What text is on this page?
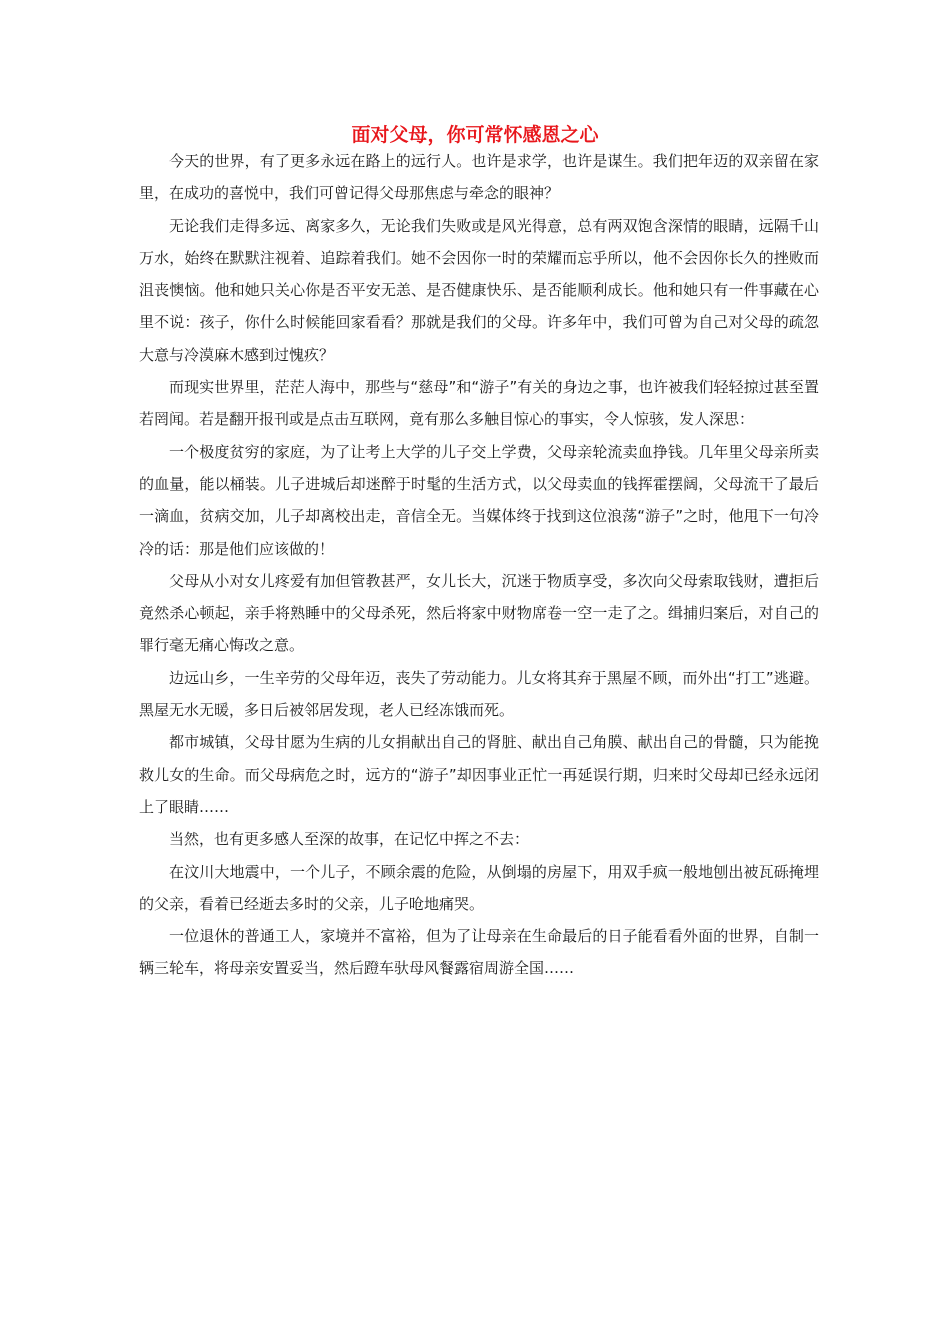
面对父母，你可常怀感恩之心

今天的世界，有了更多永远在路上的远行人。也许是求学，也许是谋生。我们把年迈的双亲留在家里，在成功的喜悦中，我们可曾记得父母那焦虑与牵念的眼神？

无论我们走得多远、离家多久，无论我们失败或是风光得意，总有两双饱含深情的眼睛，远隔千山万水，始终在默默注视着、追踪着我们。她不会因你一时的荣耀而忘乎所以，他不会因你长久的挫败而沮丧懊恼。他和她只关心你是否平安无恙、是否健康快乐、是否能顺利成长。他和她只有一件事藏在心里不说：孩子，你什么时候能回家看看？那就是我们的父母。许多年中，我们可曾为自己对父母的疏忽大意与冷漠麻木感到过愧疚？

而现实世界里，茫茫人海中，那些与“慈母”和“游子”有关的身边之事，也许被我们轻轻掠过甚至置若罔闻。若是翻开报刊或是点击互联网，竟有那么多触目惊心的事实，令人惊骇，发人深思：

一个极度贫穷的家庭，为了让考上大学的儿子交上学费，父母亲轮流卖血挣钱。几年里父母亲所卖的血量，能以桶装。儿子进城后却迷醉于时髦的生活方式，以父母卖血的钱挥霍摆阔，父母流干了最后一滴血，贫病交加，儿子却离校出走，音信全无。当媒体终于找到这位浪荡“游子”之时，他甩下一句冷冷的话：那是他们应该做的！

父母从小对女儿疼爱有加但管教甚严，女儿长大，沉迷于物质享受，多次向父母索取钱财，遭拒后竟然杀心顿起，亲手将熟睡中的父母杀死，然后将家中财物席卷一空一走了之。缉捕归案后，对自己的罪行毫无痛心悔改之意。

边远山乡，一生辛劳的父母年迈，丧失了劳动能力。儿女将其弃于黑屋不顾，而外出“打工”逃避。黑屋无水无暖，多日后被邻居发现，老人已经冻饿而死。

都市城镇，父母甘愿为生病的儿女捐献出自己的肾脏、献出自己角膜、献出自己的骨髓，只为能挽救儿女的生命。而父母病危之时，远方的“游子”却因事业正忙一再延误行期，归来时父母却已经永远闭上了眼睛……

当然，也有更多感人至深的故事，在记忆中挥之不去：

在汶川大地震中，一个儿子，不顾余震的危险，从倒塌的房屋下，用双手疯一般地刨出被瓦砾掩埋的父亲，看着已经逝去多时的父亲，儿子呛地痛哭。

一位退休的普通工人，家境并不富裕，但为了让母亲在生命最后的日子能看看外面的世界，自制一辆三轮车，将母亲安置妥当，然后蹬车驮母风餐露宿周游全国……
